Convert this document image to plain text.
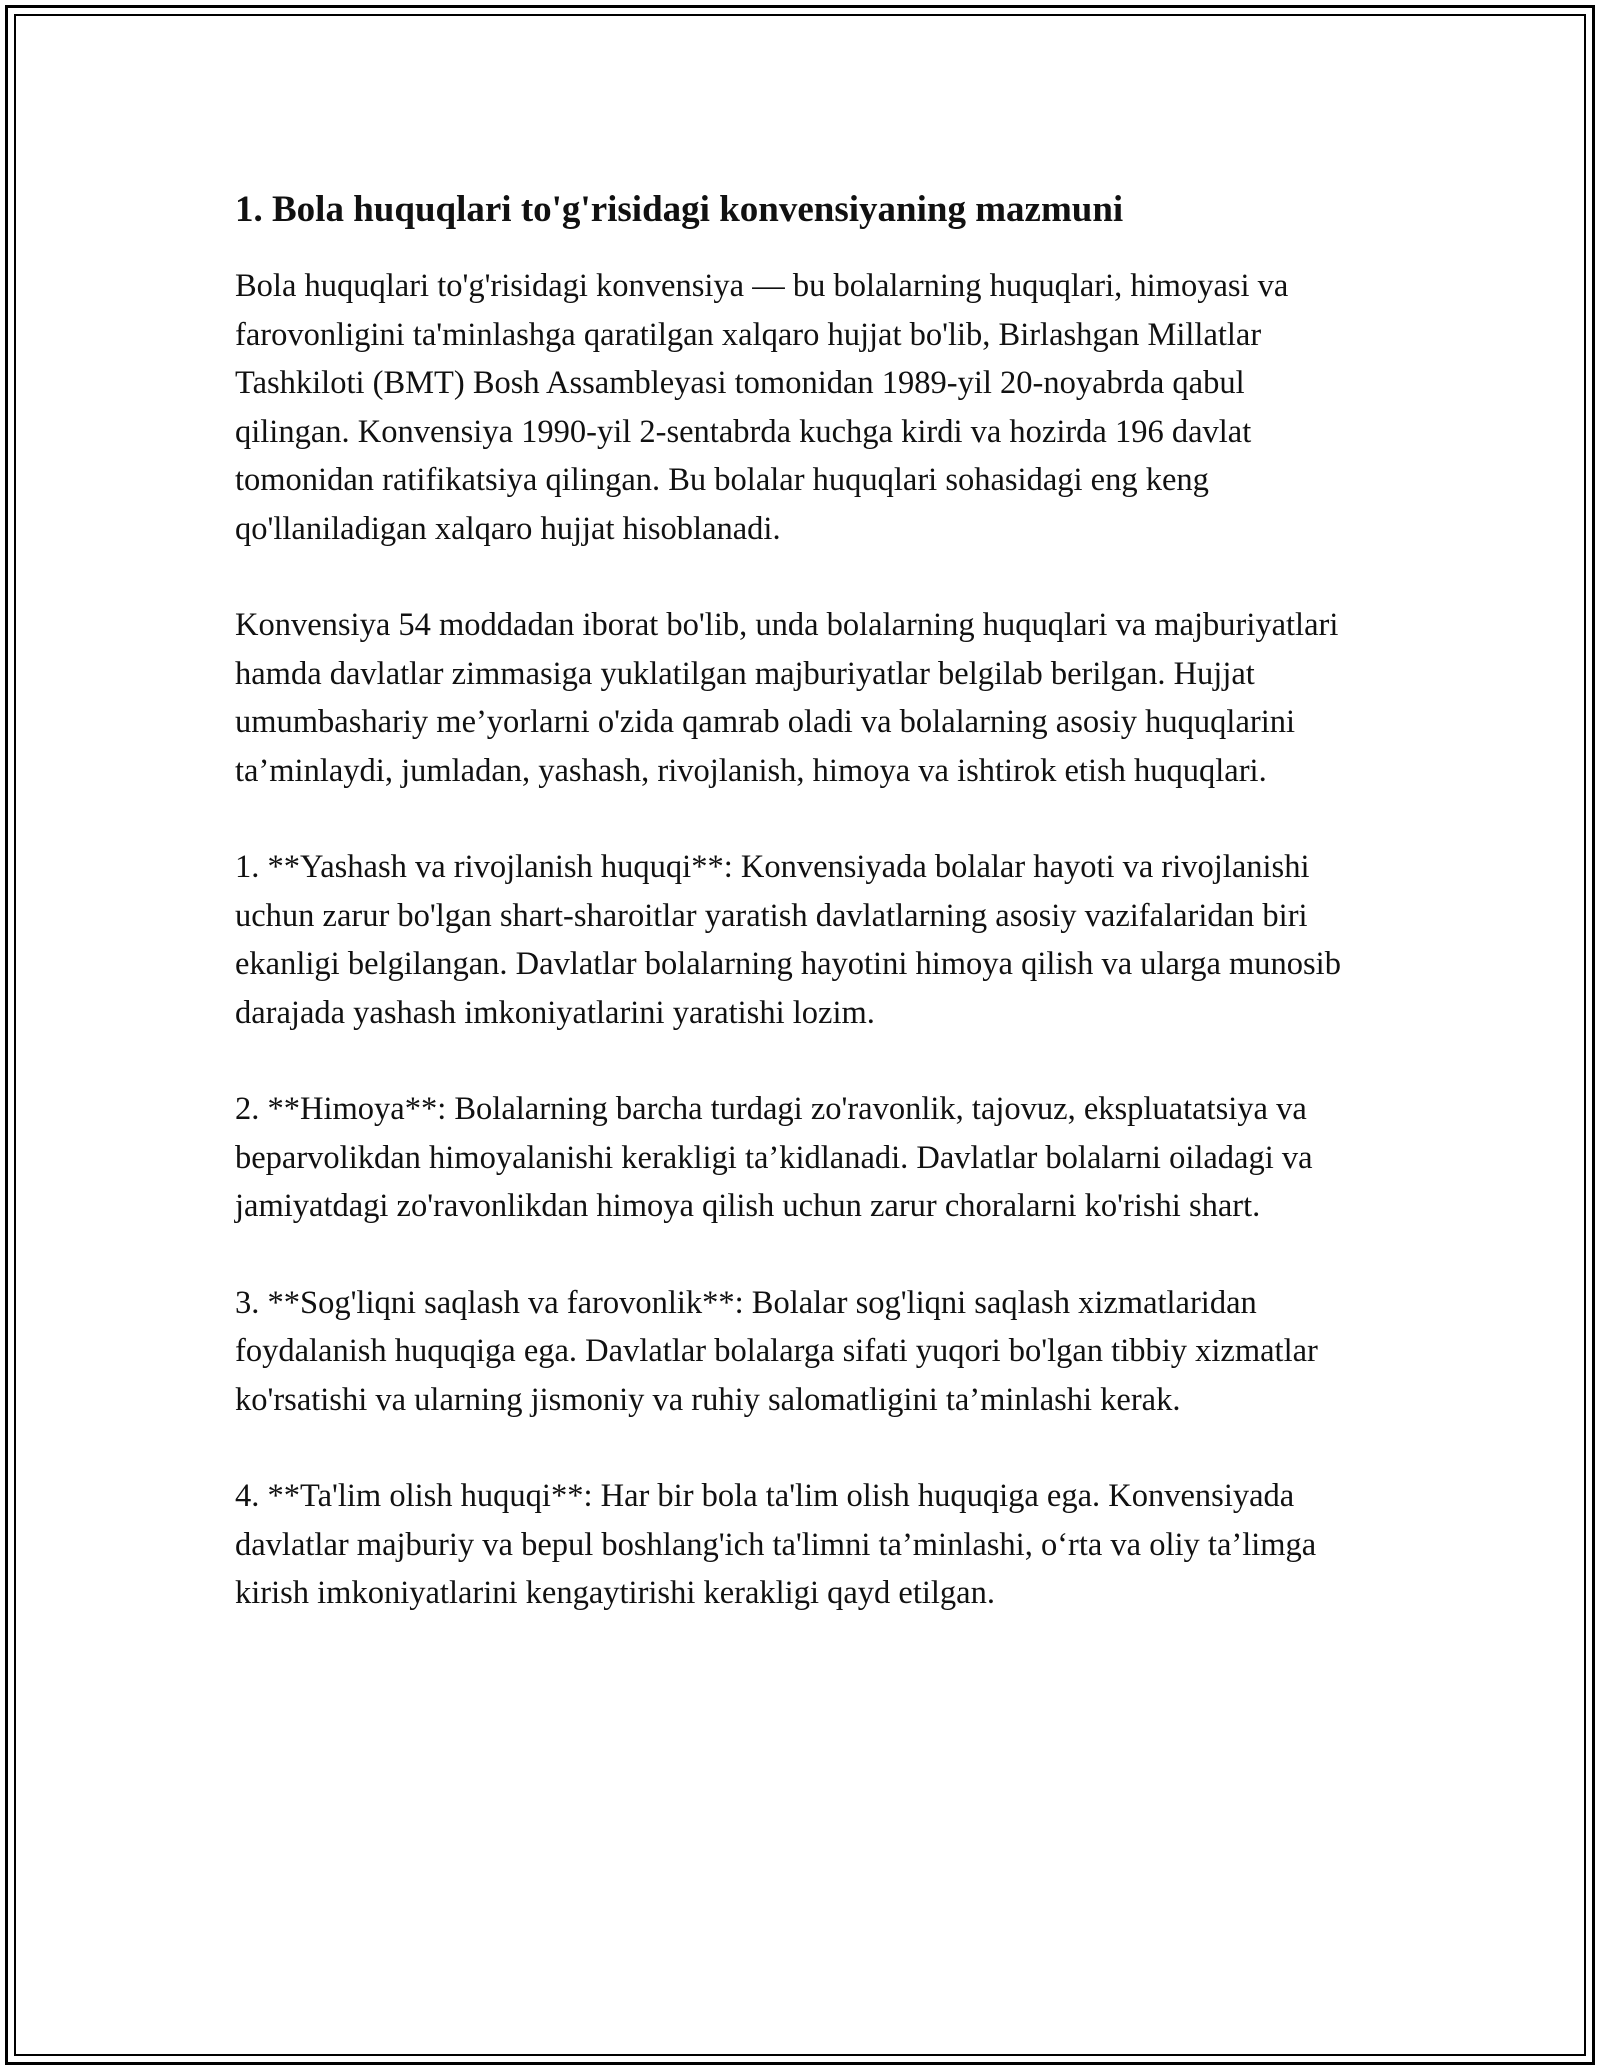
1. Bola huquqlari to'g'risidagi konvensiyaning mazmuni

Bola huquqlari to'g'risidagi konvensiya — bu bolalarning huquqlari, himoyasi va farovonligini ta'minlashga qaratilgan xalqaro hujjat bo'lib, Birlashgan Millatlar Tashkiloti (BMT) Bosh Assambleyasi tomonidan 1989-yil 20-noyabrda qabul qilingan. Konvensiya 1990-yil 2-sentabrda kuchga kirdi va hozirda 196 davlat tomonidan ratifikatsiya qilingan. Bu bolalar huquqlari sohasidagi eng keng qo'llaniladigan xalqaro hujjat hisoblanadi.

Konvensiya 54 moddadan iborat bo'lib, unda bolalarning huquqlari va majburiyatlari hamda davlatlar zimmasiga yuklatilgan majburiyatlar belgilab berilgan. Hujjat umumbashariy me’yorlarni o'zida qamrab oladi va bolalarning asosiy huquqlarini ta’minlaydi, jumladan, yashash, rivojlanish, himoya va ishtirok etish huquqlari.

1. **Yashash va rivojlanish huquqi**: Konvensiyada bolalar hayoti va rivojlanishi uchun zarur bo'lgan shart-sharoitlar yaratish davlatlarning asosiy vazifalaridan biri ekanligi belgilangan. Davlatlar bolalarning hayotini himoya qilish va ularga munosib darajada yashash imkoniyatlarini yaratishi lozim.

2. **Himoya**: Bolalarning barcha turdagi zo'ravonlik, tajovuz, ekspluatatsiya va beparvolikdan himoyalanishi kerakligi ta’kidlanadi. Davlatlar bolalarni oiladagi va jamiyatdagi zo'ravonlikdan himoya qilish uchun zarur choralarni ko'rishi shart.

3. **Sog'liqni saqlash va farovonlik**: Bolalar sog'liqni saqlash xizmatlaridan foydalanish huquqiga ega. Davlatlar bolalarga sifati yuqori bo'lgan tibbiy xizmatlar ko'rsatishi va ularning jismoniy va ruhiy salomatligini ta’minlashi kerak.

4. **Ta'lim olish huquqi**: Har bir bola ta'lim olish huquqiga ega. Konvensiyada davlatlar majburiy va bepul boshlang'ich ta'limni ta’minlashi, o‘rta va oliy ta’limga kirish imkoniyatlarini kengaytirishi kerakligi qayd etilgan.
